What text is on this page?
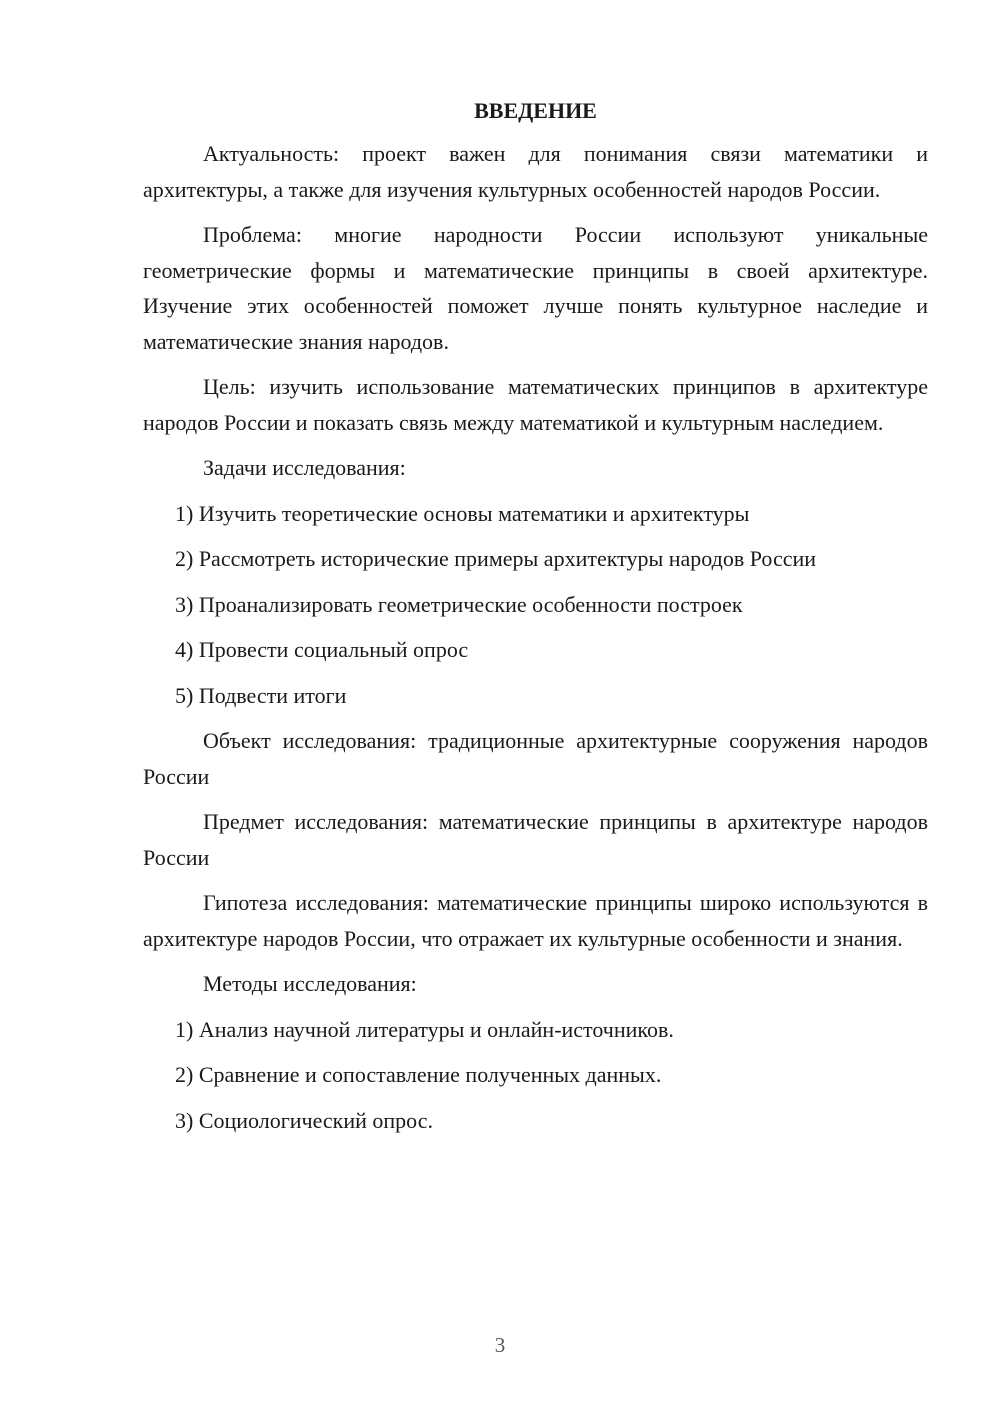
ВВЕДЕНИЕ

Актуальность: проект важен для понимания связи математики и архитектуры, а также для изучения культурных особенностей народов России.

Проблема: многие народности России используют уникальные геометрические формы и математические принципы в своей архитектуре. Изучение этих особенностей поможет лучше понять культурное наследие и математические знания народов.

Цель: изучить использование математических принципов в архитектуре народов России и показать связь между математикой и культурным наследием.

Задачи исследования:

1) Изучить теоретические основы математики и архитектуры
2) Рассмотреть исторические примеры архитектуры народов России
3) Проанализировать геометрические особенности построек
4) Провести социальный опрос
5) Подвести итоги

Объект исследования: традиционные архитектурные сооружения народов России

Предмет исследования: математические принципы в архитектуре народов России

Гипотеза исследования: математические принципы широко используются в архитектуре народов России, что отражает их культурные особенности и знания.

Методы исследования:

1) Анализ научной литературы и онлайн-источников.
2) Сравнение и сопоставление полученных данных.
3) Социологический опрос.
3
